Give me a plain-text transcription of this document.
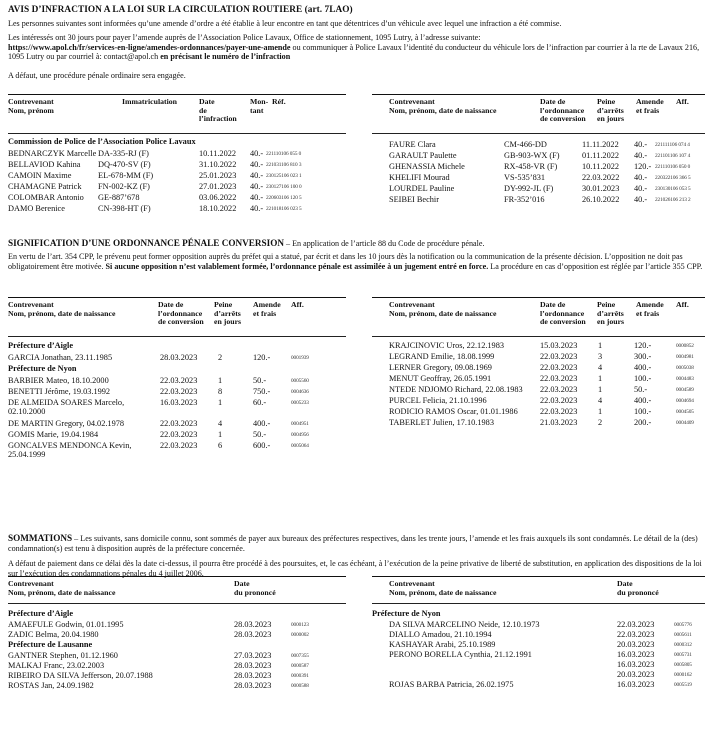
AVIS D’INFRACTION A LA LOI SUR LA CIRCULATION ROUTIERE (art. 7LAO)
Les personnes suivantes sont informées qu’une amende d’ordre a été établie à leur encontre en tant que détentrices d’un véhicule avec lequel une infraction a été commise.
Les intéressés ont 30 jours pour payer l’amende auprès de l’Association Police Lavaux, Office de stationnement, 1095 Lutry, à l’adresse suivante:
https://www.apol.ch/fr/services-en-ligne/amendes-ordonnances/payer-une-amende ou communiquer à Police Lavaux l’identité du conducteur du véhicule lors de l’infraction par courrier à la rte de Lavaux 216, 1095 Lutry ou par courriel à: contact@apol.ch en précisant le numéro de l’infraction
A défaut, une procédure pénale ordinaire sera engagée.
Contrevenant
Nom, prénom
Immatriculation	Date
de
l’infraction
Mon-
tant
Réf.
Commission de Police de l’Association Police Lavaux
BEDNARCZYK Marcelle DA-335-RJ (F)	10.11.2022 40.- 221110106 055 0
BELLAVIOD Kahina DQ-470-SV (F)	31.10.2022 40.- 221031106 810 3
CAMOIN Maxime	EL-678-MM (F)	25.01.2023 40.- 230125106 023 1
CHAMAGNE Patrick FN-002-KZ (F)	27.01.2023 40.- 230127106 100 0
COLOMBAR Antonio GE-887’678	03.06.2022 40.- 220603106 120 5
DAMO Berenice	CN-398-HT (F)	18.10.2022 40.- 221018106 023 5
Contrevenant
Nom, prénom, date de naissance
Date de
l’ordonnance
de conversion
Peine
d’arrêts
en jours
Amende
et frais
Aff.
FAURE Clara	CM-466-DD	11.11.2022 40.- 221111106 074 4
GARAULT Paulette	GB-903-WX (F)	01.11.2022 40.- 221101106 107 4
GHENASSIA Michele	RX-458-VR (F)	10.11.2022 120.- 221110106 050 0
KHELIFI Mourad	VS-535’831	22.03.2022 40.- 220322106 366 5
LOURDEL Pauline	DY-992-JL (F)	30.01.2023 40.- 230130106 053 5
SEIBEI Bechir	FR-352’016	26.10.2022 40.- 221026106 213 2
SIGNIFICATION D’UNE ORDONNANCE PÉNALE CONVERSION – En application de l’article 88 du Code de procédure pénale.
En vertu de l’art. 354 CPP, le prévenu peut former opposition auprès du préfet qui a statué, par écrit et dans les 10 jours dès la notification ou la communication de la présente décision. L’opposition ne doit pas obligatoirement être motivée. Si aucune opposition n’est valablement formée, l’ordonnance pénale est assimilée à un jugement entré en force. La procédure en cas d’opposition est réglée par l’article 355 CPP.
Contrevenant
Nom, prénom, date de naissance
Date de
l’ordonnance
de conversion
Peine
d’arrêts
en jours
Amende
et frais
Aff.
Préfecture d’Aigle
GARCIA Jonathan, 23.11.1985	28.03.2023 2	120.-	0001939
Préfecture de Nyon
BARBIER Mateo, 18.10.2000	22.03.2023 1	50.-	0005560
BENETTI Jérôme, 19.03.1992	22.03.2023 8	750.-	0004636
DE ALMEIDA SOARES Marcelo, 02.10.2000
16.03.2023 1	60.-	0005233
DE MARTIN Gregory, 04.02.1978	22.03.2023 4	400.-	0004951
GOMIS Marie, 19.04.1984	22.03.2023 1	50.-	0004956
GONCALVES MENDONCA Kevin, 25.04.1999
22.03.2023 6	600.-	0005064
Contrevenant
Nom, prénom, date de naissance
Date de
l’ordonnance
de conversion
Peine
d’arrêts
en jours
Amende
et frais
Aff.
KRAJCINOVIC Uros, 22.12.1983	15.03.2023 1	120.-	0000852
LEGRAND Emilie, 18.08.1999	22.03.2023 3	300.-	0004981
LERNER Gregory, 09.08.1969	22.03.2023 4	400.-	0005038
MENUT Geoffray, 26.05.1991	22.03.2023 1	100.-	0004483
NTEDE NDJOMO Richard, 22.08.1983	22.03.2023 1	50.-	0004589
PURCEL Felicia, 21.10.1996	22.03.2023 4	400.-	0004694
RODICIO RAMOS Oscar, 01.01.1986	22.03.2023 1	100.-	0004505
TABERLET Julien, 17.10.1983	21.03.2023 2	200.-	0004409
SOMMATIONS – Les suivants, sans domicile connu, sont sommés de payer aux bureaux des préfectures respectives, dans les trente jours, l’amende et les frais auxquels ils sont condamnés. Le détail de la (des) condamnation(s) est tenu à disposition auprès de la préfecture concernée.
A défaut de paiement dans ce délai dès la date ci-dessus, il pourra être procédé à des poursuites, et, le cas échéant, à l’exécution de la peine privative de liberté de substitution, en application des dispositions de la loi sur l’exécution des condamnations pénales du 4 juillet 2006.
Contrevenant
Nom, prénom, date de naissance
Date
du prononcé
Préfecture d’Aigle
AMAEFULE Godwin, 01.01.1995	28.03.2023	0000123
ZADIC Belma, 20.04.1980	28.03.2023	0000002
Préfecture de Lausanne
GANTNER Stephen, 01.12.1960	27.03.2023	0007355
MALKAJ Franc, 23.02.2003	28.03.2023	0000587
RIBEIRO DA SILVA Jefferson, 20.07.1988	28.03.2023	0000391
ROSTAS Jan, 24.09.1982	28.03.2023	0000588
Contrevenant
Nom, prénom, date de naissance
Date
du prononcé
Préfecture de Nyon
DA SILVA MARCELINO Neide, 12.10.1973	22.03.2023	0005776
DIALLO Amadou, 21.10.1994	22.03.2023	0005611
KASHAYAR Arabi, 25.10.1989	20.03.2023	0000312
PERONO BORELLA Cynthia, 21.12.1991	16.03.2023	0005731
16.03.2023	0005805
20.03.2023	0000162
ROJAS BARBA Patricia, 26.02.1975	16.03.2023	0005519
